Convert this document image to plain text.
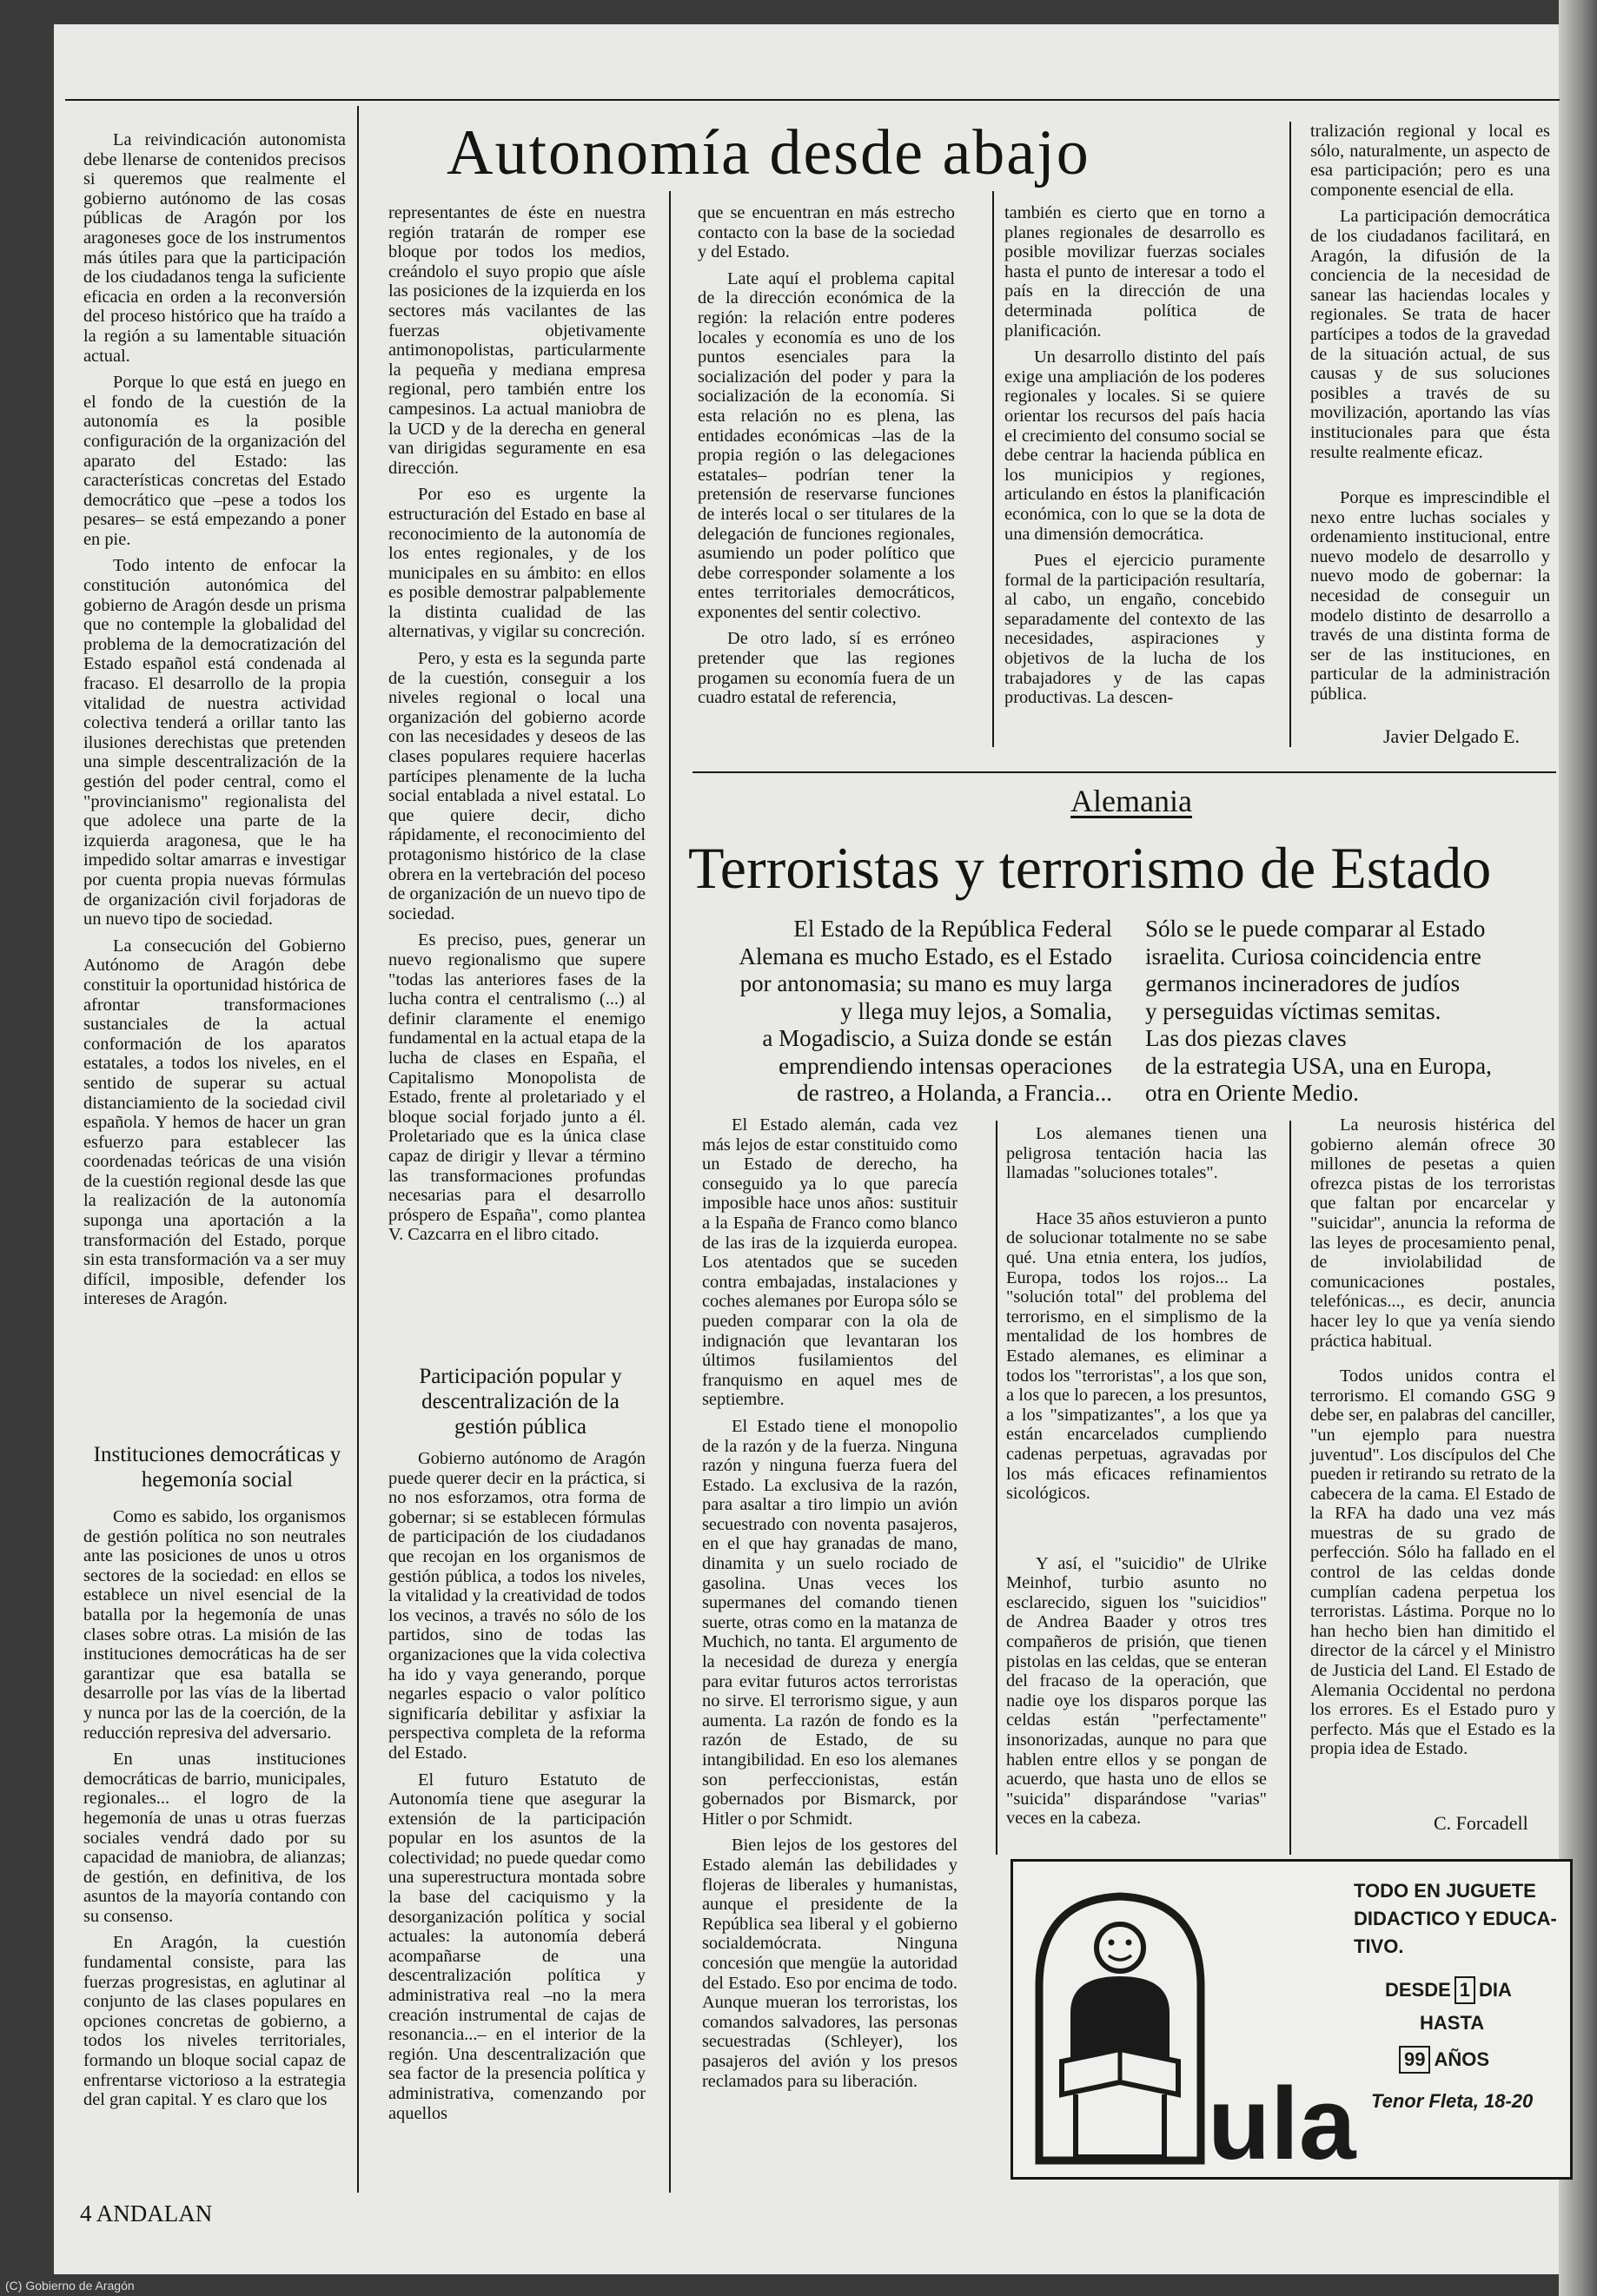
Autonomía desde abajo

La reivindicación autonomista debe llenarse de contenidos precisos si queremos que realmente el gobierno autónomo de las cosas públicas de Aragón por los aragoneses goce de los instrumentos más útiles para que la participación de los ciudadanos tenga la suficiente eficacia en orden a la reconversión del proceso histórico que ha traído a la región a su lamentable situación actual.

Porque lo que está en juego en el fondo de la cuestión de la autonomía es la posible configuración de la organización del aparato del Estado: las características concretas del Estado democrático que –pese a todos los pesares– se está empezando a poner en pie.

Todo intento de enfocar la constitución autonómica del gobierno de Aragón desde un prisma que no contemple la globalidad del problema de la democratización del Estado español está condenada al fracaso. El desarrollo de la propia vitalidad de nuestra actividad colectiva tenderá a orillar tanto las ilusiones derechistas que pretenden una simple descentralización de la gestión del poder central, como el "provincianismo" regionalista del que adolece una parte de la izquierda aragonesa, que le ha impedido soltar amarras e investigar por cuenta propia nuevas fórmulas de organización civil forjadoras de un nuevo tipo de sociedad.

La consecución del Gobierno Autónomo de Aragón debe constituir la oportunidad histórica de afrontar transformaciones sustanciales de la actual conformación de los aparatos estatales, a todos los niveles, en el sentido de superar su actual distanciamiento de la sociedad civil española. Y hemos de hacer un gran esfuerzo para establecer las coordenadas teóricas de una visión de la cuestión regional desde las que la realización de la autonomía suponga una aportación a la transformación del Estado, porque sin esta transformación va a ser muy difícil, imposible, defender los intereses de Aragón.

Instituciones democráticas y hegemonía social

Como es sabido, los organismos de gestión política no son neutrales ante las posiciones de unos u otros sectores de la sociedad: en ellos se establece un nivel esencial de la batalla por la hegemonía de unas clases sobre otras. La misión de las instituciones democráticas ha de ser garantizar que esa batalla se desarrolle por las vías de la libertad y nunca por las de la coerción, de la reducción represiva del adversario.

En unas instituciones democráticas de barrio, municipales, regionales... el logro de la hegemonía de unas u otras fuerzas sociales vendrá dado por su capacidad de maniobra, de alianzas; de gestión, en definitiva, de los asuntos de la mayoría contando con su consenso.

En Aragón, la cuestión fundamental consiste, para las fuerzas progresistas, en aglutinar al conjunto de las clases populares en opciones concretas de gobierno, a todos los niveles territoriales, formando un bloque social capaz de enfrentarse victorioso a la estrategia del gran capital. Y es claro que los

representantes de éste en nuestra región tratarán de romper ese bloque por todos los medios, creándolo el suyo propio que aísle las posiciones de la izquierda en los sectores más vacilantes de las fuerzas objetivamente antimonopolistas, particularmente la pequeña y mediana empresa regional, pero también entre los campesinos. La actual maniobra de la UCD y de la derecha en general van dirigidas seguramente en esa dirección.

Por eso es urgente la estructuración del Estado en base al reconocimiento de la autonomía de los entes regionales, y de los municipales en su ámbito: en ellos es posible demostrar palpablemente la distinta cualidad de las alternativas, y vigilar su concreción.

Pero, y esta es la segunda parte de la cuestión, conseguir a los niveles regional o local una organización del gobierno acorde con las necesidades y deseos de las clases populares requiere hacerlas partícipes plenamente de la lucha social entablada a nivel estatal. Lo que quiere decir, dicho rápidamente, el reconocimiento del protagonismo histórico de la clase obrera en la vertebración del poceso de organización de un nuevo tipo de sociedad.

Es preciso, pues, generar un nuevo regionalismo que supere "todas las anteriores fases de la lucha contra el centralismo (...) al definir claramente el enemigo fundamental en la actual etapa de la lucha de clases en España, el Capitalismo Monopolista de Estado, frente al proletariado y el bloque social forjado junto a él. Proletariado que es la única clase capaz de dirigir y llevar a término las transformaciones profundas necesarias para el desarrollo próspero de España", como plantea V. Cazcarra en el libro citado.

Participación popular y descentralización de la gestión pública

Gobierno autónomo de Aragón puede querer decir en la práctica, si no nos esforzamos, otra forma de gobernar; si se establecen fórmulas de participación de los ciudadanos que recojan en los organismos de gestión pública, a todos los niveles, la vitalidad y la creatividad de todos los vecinos, a través no sólo de los partidos, sino de todas las organizaciones que la vida colectiva ha ido y vaya generando, porque negarles espacio o valor político significaría debilitar y asfixiar la perspectiva completa de la reforma del Estado.

El futuro Estatuto de Autonomía tiene que asegurar la extensión de la participación popular en los asuntos de la colectividad; no puede quedar como una superestructura montada sobre la base del caciquismo y la desorganización política y social actuales: la autonomía deberá acompañarse de una descentralización política y administrativa real –no la mera creación instrumental de cajas de resonancia...– en el interior de la región. Una descentralización que sea factor de la presencia política y administrativa, comenzando por aquellos

que se encuentran en más estrecho contacto con la base de la sociedad y del Estado.

Late aquí el problema capital de la dirección económica de la región: la relación entre poderes locales y economía es uno de los puntos esenciales para la socialización del poder y para la socialización de la economía. Si esta relación no es plena, las entidades económicas –las de la propia región o las delegaciones estatales– podrían tener la pretensión de reservarse funciones de interés local o ser titulares de la delegación de funciones regionales, asumiendo un poder político que debe corresponder solamente a los entes territoriales democráticos, exponentes del sentir colectivo.

De otro lado, sí es erróneo pretender que las regiones progamen su economía fuera de un cuadro estatal de referencia,

también es cierto que en torno a planes regionales de desarrollo es posible movilizar fuerzas sociales hasta el punto de interesar a todo el país en la dirección de una determinada política de planificación.

Un desarrollo distinto del país exige una ampliación de los poderes regionales y locales. Si se quiere orientar los recursos del país hacia el crecimiento del consumo social se debe centrar la hacienda pública en los municipios y regiones, articulando en éstos la planificación económica, con lo que se la dota de una dimensión democrática.

Pues el ejercicio puramente formal de la participación resultaría, al cabo, un engaño, concebido separadamente del contexto de las necesidades, aspiraciones y objetivos de la lucha de los trabajadores y de las capas productivas. La descen-

tralización regional y local es sólo, naturalmente, un aspecto de esa participación; pero es una componente esencial de ella.

La participación democrática de los ciudadanos facilitará, en Aragón, la difusión de la conciencia de la necesidad de sanear las haciendas locales y regionales. Se trata de hacer partícipes a todos de la gravedad de la situación actual, de sus causas y de sus soluciones posibles a través de su movilización, aportando las vías institucionales para que ésta resulte realmente eficaz.

Porque es imprescindible el nexo entre luchas sociales y ordenamiento institucional, entre nuevo modelo de desarrollo y nuevo modo de gobernar: la necesidad de conseguir un modelo distinto de desarrollo a través de una distinta forma de ser de las instituciones, en particular de la administración pública.

Javier Delgado E.
Alemania
Terroristas y terrorismo de Estado
El Estado de la República Federal
Alemana es mucho Estado, es el Estado
por antonomasia; su mano es muy larga
y llega muy lejos, a Somalia,
a Mogadiscio, a Suiza donde se están
emprendiendo intensas operaciones
de rastreo, a Holanda, a Francia...
Sólo se le puede comparar al Estado
israelita. Curiosa coincidencia entre
germanos incineradores de judíos
y perseguidas víctimas semitas.
Las dos piezas claves
de la estrategia USA, una en Europa,
otra en Oriente Medio.

El Estado alemán, cada vez más lejos de estar constituido como un Estado de derecho, ha conseguido ya lo que parecía imposible hace unos años: sustituir a la España de Franco como blanco de las iras de la izquierda europea. Los atentados que se suceden contra embajadas, instalaciones y coches alemanes por Europa sólo se pueden comparar con la ola de indignación que levantaran los últimos fusilamientos del franquismo en aquel mes de septiembre.

El Estado tiene el monopolio de la razón y de la fuerza. Ninguna razón y ninguna fuerza fuera del Estado. La exclusiva de la razón, para asaltar a tiro limpio un avión secuestrado con noventa pasajeros, en el que hay granadas de mano, dinamita y un suelo rociado de gasolina. Unas veces los supermanes del comando tienen suerte, otras como en la matanza de Muchich, no tanta. El argumento de la necesidad de dureza y energía para evitar futuros actos terroristas no sirve. El terrorismo sigue, y aun aumenta. La razón de fondo es la razón de Estado, de su intangibilidad. En eso los alemanes son perfeccionistas, están gobernados por Bismarck, por Hitler o por Schmidt.

Bien lejos de los gestores del Estado alemán las debilidades y flojeras de liberales y humanistas, aunque el presidente de la República sea liberal y el gobierno socialdemócrata. Ninguna concesión que mengüe la autoridad del Estado. Eso por encima de todo. Aunque mueran los terroristas, los comandos salvadores, las personas secuestradas (Schleyer), los pasajeros del avión y los presos reclamados para su liberación.

Los alemanes tienen una peligrosa tentación hacia las llamadas "soluciones totales".

Hace 35 años estuvieron a punto de solucionar totalmente no se sabe qué. Una etnia entera, los judíos, Europa, todos los rojos... La "solución total" del problema del terrorismo, en el simplismo de la mentalidad de los hombres de Estado alemanes, es eliminar a todos los "terroristas", a los que son, a los que lo parecen, a los presuntos, a los "simpatizantes", a los que ya están encarcelados cumpliendo cadenas perpetuas, agravadas por los más eficaces refinamientos sicológicos.

Y así, el "suicidio" de Ulrike Meinhof, turbio asunto no esclarecido, siguen los "suicidios" de Andrea Baader y otros tres compañeros de prisión, que tienen pistolas en las celdas, que se enteran del fracaso de la operación, que nadie oye los disparos porque las celdas están "perfectamente" insonorizadas, aunque no para que hablen entre ellos y se pongan de acuerdo, que hasta uno de ellos se "suicida" disparándose "varias" veces en la cabeza.

La neurosis histérica del gobierno alemán ofrece 30 millones de pesetas a quien ofrezca pistas de los terroristas que faltan por encarcelar y "suicidar", anuncia la reforma de las leyes de procesamiento penal, de inviolabilidad de comunicaciones postales, telefónicas..., es decir, anuncia hacer ley lo que ya venía siendo práctica habitual.

Todos unidos contra el terrorismo. El comando GSG 9 debe ser, en palabras del canciller, "un ejemplo para nuestra juventud". Los discípulos del Che pueden ir retirando su retrato de la cabecera de la cama. El Estado de la RFA ha dado una vez más muestras de su grado de perfección. Sólo ha fallado en el control de las celdas donde cumplían cadena perpetua los terroristas. Lástima. Porque no lo han hecho bien han dimitido el director de la cárcel y el Ministro de Justicia del Land. El Estado de Alemania Occidental no perdona los errores. Es el Estado puro y perfecto. Más que el Estado es la propia idea de Estado.

C. Forcadell
ula
TODO EN JUGUETE
DIDACTICO Y EDUCA-
TIVO.
DESDE 1 DIA
HASTA
99 AÑOS
Tenor Fleta, 18-20
4 ANDALAN
(C) Gobierno de Aragón
